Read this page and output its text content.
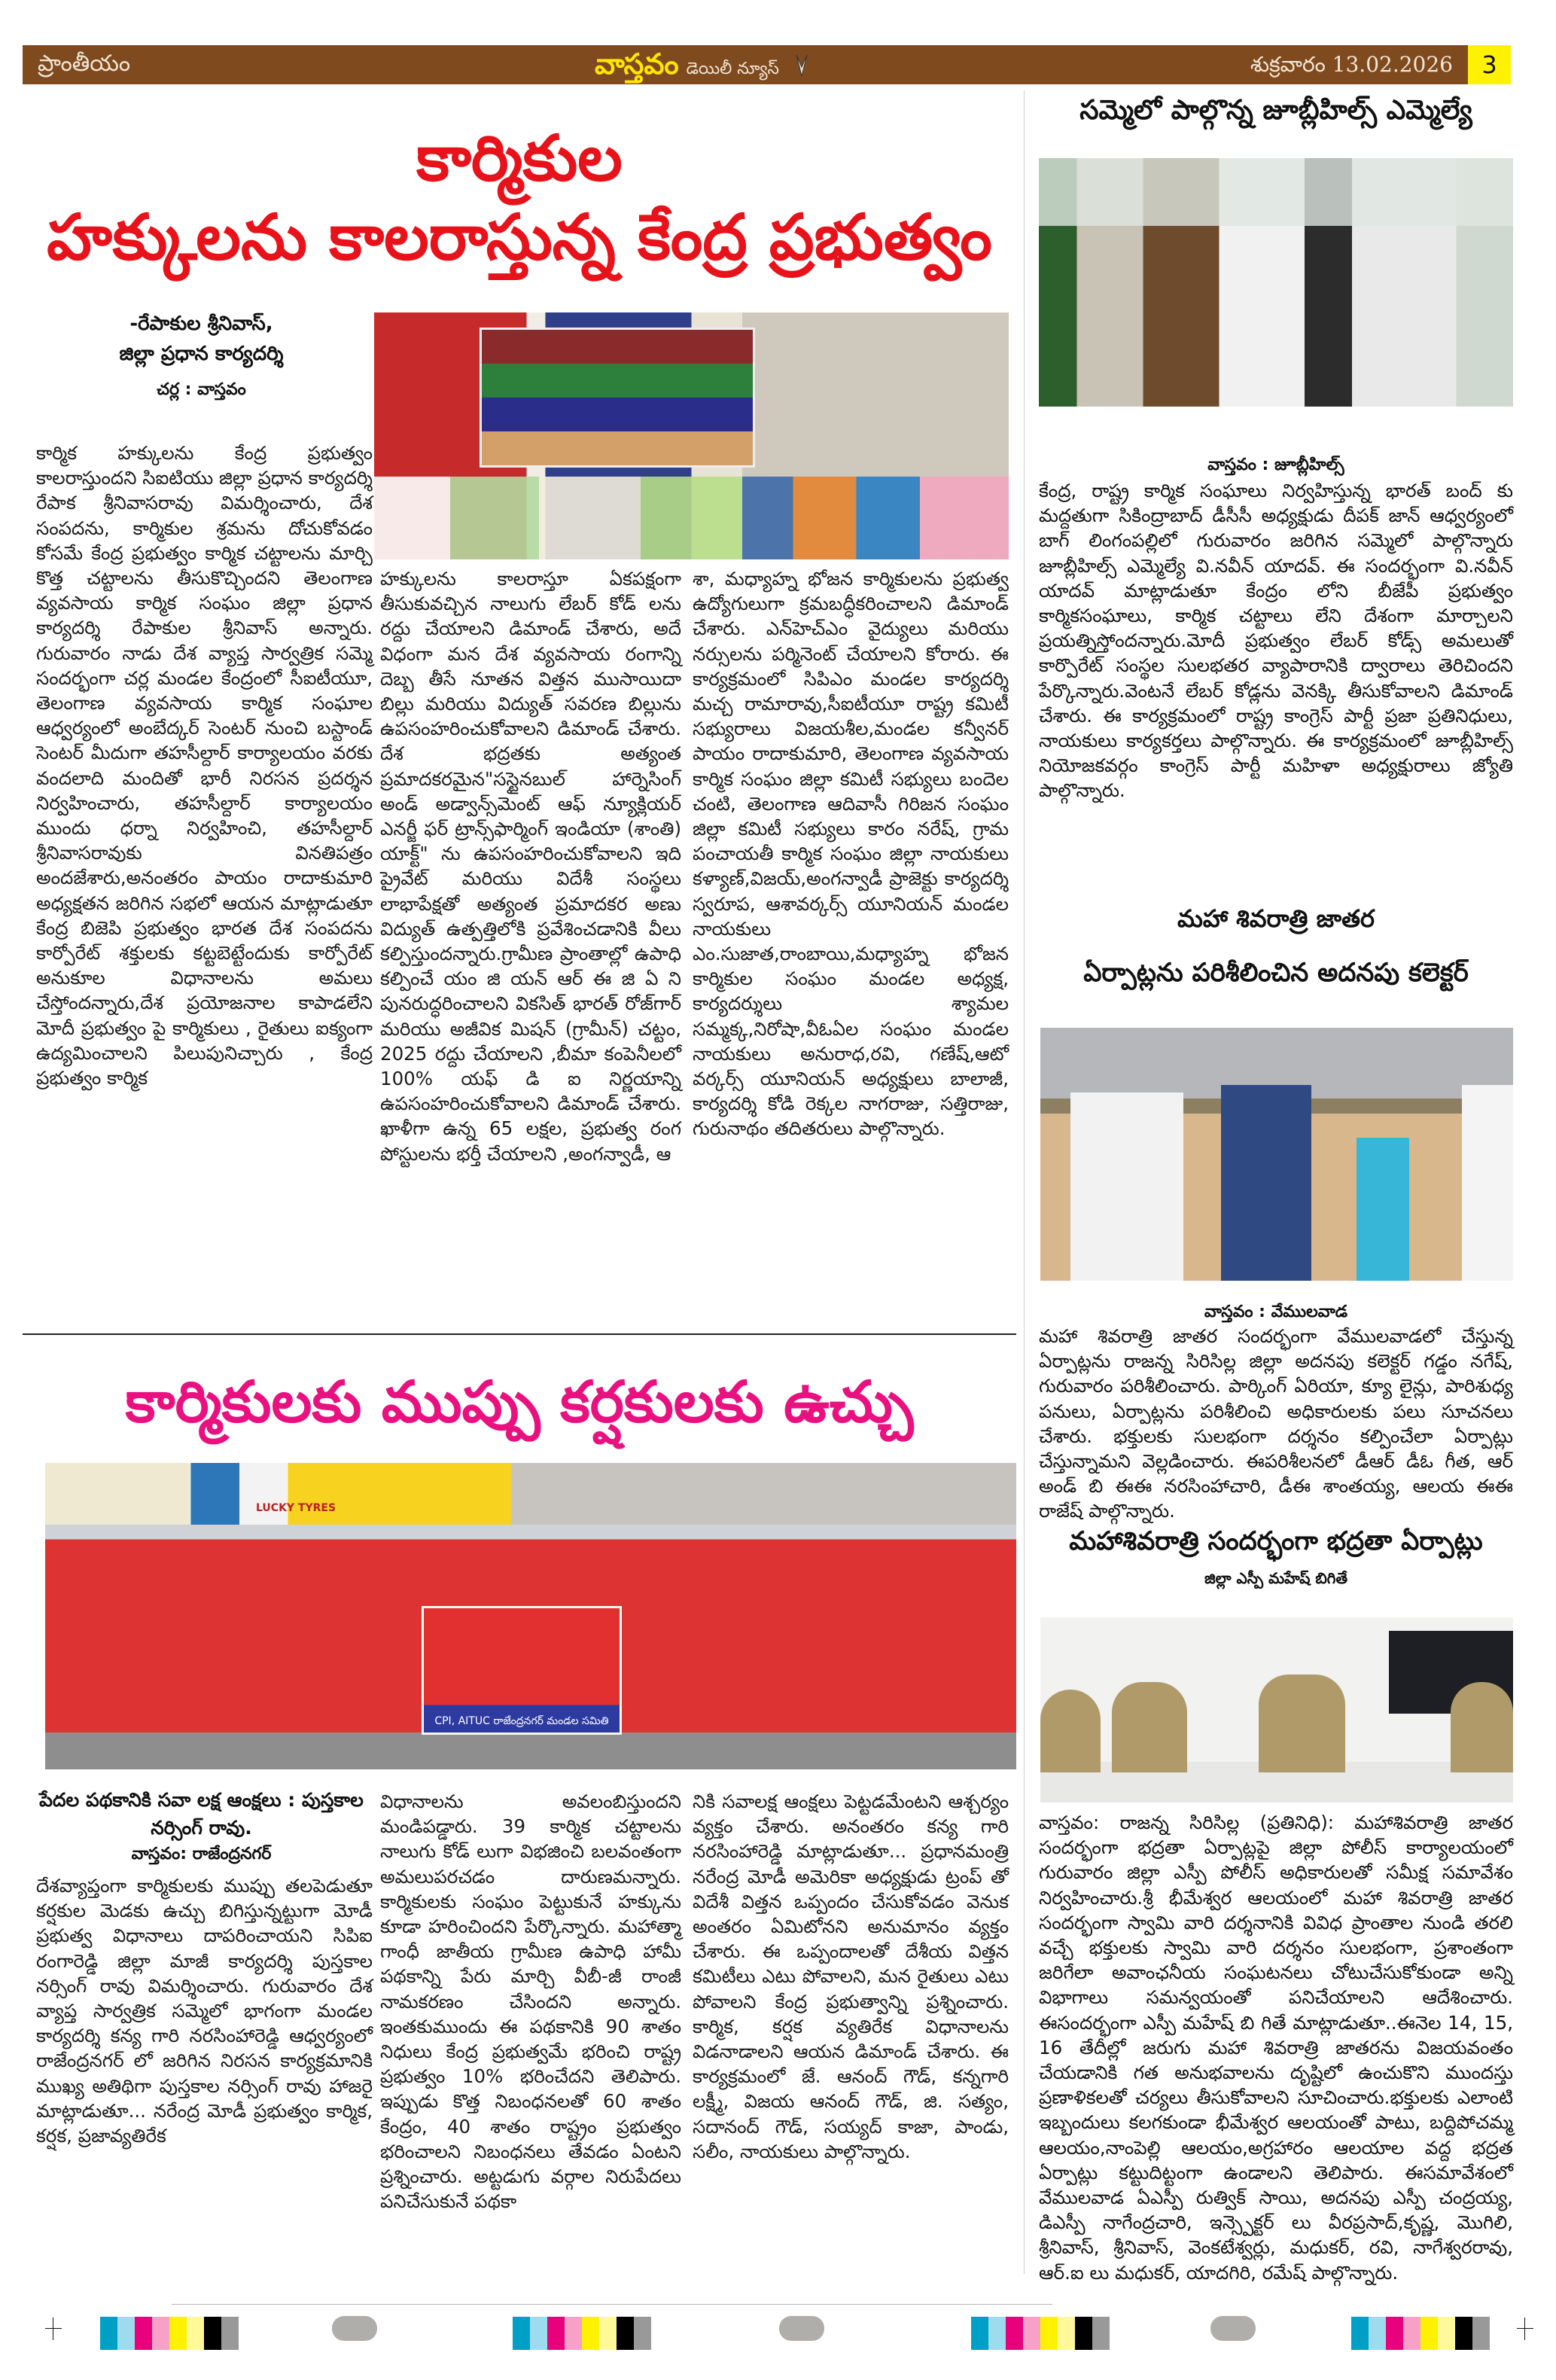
ప్రాంతీయం	వాస్తవం డెయిలీ న్యూస్	శుక్రవారం 13.02.2026	3
కార్మికుల
హక్కులను కాలరాస్తున్న కేంద్ర ప్రభుత్వం
-రేపాకుల శ్రీనివాస్,
జిల్లా ప్రధాన కార్యదర్శి
చర్ల : వాస్తవం

కార్మిక హక్కులను కేంద్ర ప్రభుత్వం కాలరాస్తుందని సిఐటియు జిల్లా ప్రధాన కార్యదర్శి రేపాక శ్రీనివాసరావు విమర్శించారు, దేశ సంపదను, కార్మికుల శ్రమను దోచుకోవడం కోసమే కేంద్ర ప్రభుత్వం కార్మిక చట్టాలను మార్చి కొత్త చట్టాలను తీసుకొచ్చిందని తెలంగాణ వ్యవసాయ కార్మిక సంఘం జిల్లా ప్రధాన కార్యదర్శి రేపాకుల శ్రీనివాస్ అన్నారు. గురువారం నాడు దేశ వ్యాప్త సార్వత్రిక సమ్మె సందర్భంగా చర్ల మండల కేంద్రంలో సీఐటీయూ, తెలంగాణ వ్యవసాయ కార్మిక సంఘాల ఆధ్వర్యంలో అంబేద్కర్ సెంటర్ నుంచి బస్టాండ్ సెంటర్ మీదుగా తహసీల్దార్ కార్యాలయం వరకు వందలాది మందితో భారీ నిరసన ప్రదర్శన నిర్వహించారు, తహసీల్దార్ కార్యాలయం ముందు ధర్నా నిర్వహించి, తహసీల్దార్ శ్రీనివాసరావుకు వినతిపత్రం అందజేశారు,అనంతరం పాయం రాదాకుమారి అధ్యక్షతన జరిగిన సభలో ఆయన మాట్లాడుతూ కేంద్ర బిజెపి ప్రభుత్వం భారత దేశ సంపదను కార్పోరేట్ శక్తులకు కట్టబెట్టేందుకు కార్పోరేట్ అనుకూల విధానాలను అమలు చేస్తోందన్నారు,దేశ ప్రయోజనాల కాపాడలేని మోదీ ప్రభుత్వం పై కార్మికులు , రైతులు ఐక్యంగా ఉద్యమించాలని పిలుపునిచ్చారు , కేంద్ర ప్రభుత్వం కార్మిక

హక్కులను కాలరాస్తూ ఏకపక్షంగా తీసుకువచ్చిన నాలుగు లేబర్ కోడ్ లను రద్దు చేయాలని డిమాండ్ చేశారు, అదే విధంగా మన దేశ వ్యవసాయ రంగాన్ని దెబ్బ తీసే నూతన విత్తన ముసాయిదా బిల్లు మరియు విద్యుత్ సవరణ బిల్లును ఉపసంహరించుకోవాలని డిమాండ్ చేశారు. దేశ భద్రతకు అత్యంత ప్రమాదకరమైన"సస్టైనబుల్ హార్నెసింగ్ అండ్ అడ్వాన్స్‌మెంట్ ఆఫ్ న్యూక్లియర్ ఎనర్జీ ఫర్ ట్రాన్స్‌ఫార్మింగ్ ఇండియా (శాంతి) యాక్ట్" ను ఉపసంహరించుకోవాలని ఇది ప్రైవేట్ మరియు విదేశీ సంస్థలు లాభాపేక్షతో అత్యంత ప్రమాదకర అణు విద్యుత్ ఉత్పత్తిలోకి ప్రవేశించడానికి వీలు కల్పిస్తుందన్నారు.గ్రామీణ ప్రాంతాల్లో ఉపాధి కల్పించే యం జి యన్ ఆర్ ఈ జి ఏ ని పునరుద్ధరించాలని వికసిత్ భారత్ రోజ్‌గార్ మరియు అజీవిక మిషన్ (గ్రామీన్) చట్టం, 2025 రద్దు చేయాలని ,బీమా కంపెనీలలో 100% యఫ్ డి ఐ నిర్ణయాన్ని ఉపసంహరించుకోవాలని డిమాండ్ చేశారు. ఖాళీగా ఉన్న 65 లక్షల, ప్రభుత్వ రంగ పోస్టులను భర్తీ చేయాలని ,అంగన్వాడీ, ఆ

శా, మధ్యాహ్న భోజన కార్మికులను ప్రభుత్వ ఉద్యోగులుగా క్రమబద్ధీకరించాలని డిమాండ్ చేశారు. ఎన్‌హెచ్‌ఎం వైద్యులు మరియు నర్సులను పర్మినెంట్ చేయాలని కోరారు. ఈ కార్యక్రమంలో సిపిఎం మండల కార్యదర్శి మచ్చ రామారావు,సీఐటీయూ రాష్ట్ర కమిటీ సభ్యురాలు విజయశీల,మండల కన్వీనర్ పాయం రాదాకుమారి, తెలంగాణ వ్యవసాయ కార్మిక సంఘం జిల్లా కమిటీ సభ్యులు బందెల చంటి, తెలంగాణ ఆదివాసీ గిరిజన సంఘం జిల్లా కమిటీ సభ్యులు కారం నరేష్, గ్రామ పంచాయతీ కార్మిక సంఘం జిల్లా నాయకులు కళ్యాణ్,విజయ్,అంగన్వాడీ ప్రాజెక్టు కార్యదర్శి స్వరూప, ఆశావర్కర్స్ యూనియన్ మండల నాయకులు ఎం.సుజాత,రాంబాయి,మధ్యాహ్న భోజన కార్మికుల సంఘం మండల అధ్యక్ష, కార్యదర్శులు శ్యామల సమ్మక్క,నిరోషా,వీఓఏల సంఘం మండల నాయకులు అనురాధ,రవి, గణేష్,ఆటో వర్కర్స్ యూనియన్ అధ్యక్షులు బాలాజీ, కార్యదర్శి కోడి రెక్కల నాగరాజు, సత్తిరాజు, గురునాథం తదితరులు పాల్గొన్నారు.

సమ్మెలో పాల్గొన్న జూబ్లీహిల్స్ ఎమ్మెల్యే
వాస్తవం : జూబ్లీహిల్స్
కేంద్ర, రాష్ట్ర కార్మిక సంఘాలు నిర్వహిస్తున్న భారత్ బంద్ కు మద్దతుగా సికింద్రాబాద్ డీసీసీ అధ్యక్షుడు దీపక్ జాన్ ఆధ్వర్యంలో బాగ్ లింగంపల్లిలో గురువారం జరిగిన సమ్మెలో పాల్గొన్నారు జూబ్లీహిల్స్ ఎమ్మెల్యే వి.నవీన్ యాదవ్. ఈ సందర్భంగా వి.నవీన్ యాదవ్ మాట్లాడుతూ కేంద్రం లోని బీజేపీ ప్రభుత్వం కార్మికసంఘాలు, కార్మిక చట్టాలు లేని దేశంగా మార్చాలని ప్రయత్నిస్తోందన్నారు.మోదీ ప్రభుత్వం లేబర్ కోడ్స్ అమలుతో కార్పొరేట్ సంస్థల సులభతర వ్యాపారానికి ద్వారాలు తెరిచిందని పేర్కొన్నారు.వెంటనే లేబర్ కోడ్లను వెనక్కి తీసుకోవాలని డిమాండ్ చేశారు. ఈ కార్యక్రమంలో రాష్ట్ర కాంగ్రెస్ పార్టీ ప్రజా ప్రతినిధులు, నాయకులు కార్యకర్తలు పాల్గొన్నారు. ఈ కార్యక్రమంలో జూబ్లీహిల్స్ నియోజకవర్గం కాంగ్రెస్ పార్టీ మహిళా అధ్యక్షురాలు జ్యోతి పాల్గొన్నారు.
మహా శివరాత్రి జాతర
ఏర్పాట్లను పరిశీలించిన అదనపు కలెక్టర్
వాస్తవం : వేములవాడ
మహా శివరాత్రి జాతర సందర్భంగా వేములవాడలో చేస్తున్న ఏర్పాట్లను రాజన్న సిరిసిల్ల జిల్లా అదనపు కలెక్టర్ గడ్డం నగేష్, గురువారం పరిశీలించారు. పార్కింగ్ ఏరియా, క్యూ లైన్లు, పారిశుధ్య పనులు, ఏర్పాట్లను పరిశీలించి అధికారులకు పలు సూచనలు చేశారు. భక్తులకు సులభంగా దర్శనం కల్పించేలా ఏర్పాట్లు చేస్తున్నామని వెల్లడించారు. ఈపరిశీలనలో డీఆర్ డీఓ గీత, ఆర్ అండ్ బి ఈఈ నరసింహాచారి, డీఈ శాంతయ్య, ఆలయ ఈఈ రాజేష్ పాల్గొన్నారు.
మహాశివరాత్రి సందర్భంగా భద్రతా ఏర్పాట్లు
జిల్లా ఎస్పీ మహేష్ బిగితే
వాస్తవం: రాజన్న సిరిసిల్ల (ప్రతినిధి): మహాశివరాత్రి జాతర సందర్భంగా భద్రతా ఏర్పాట్లపై జిల్లా పోలీస్ కార్యాలయంలో గురువారం జిల్లా ఎస్పీ పోలీస్ అధికారులతో సమీక్ష సమావేశం నిర్వహించారు.శ్రీ భీమేశ్వర ఆలయంలో మహా శివరాత్రి జాతర సందర్భంగా స్వామి వారి దర్శనానికి వివిధ ప్రాంతాల నుండి తరలి వచ్చే భక్తులకు స్వామి వారి దర్శనం సులభంగా, ప్రశాంతంగా జరిగేలా అవాంఛనీయ సంఘటనలు చోటుచేసుకోకుండా అన్ని విభాగాలు సమన్వయంతో పనిచేయాలని ఆదేశించారు. ఈసందర్భంగా ఎస్పీ మహేష్ బి గితే మాట్లాడుతూ..ఈనెల 14, 15, 16 తేదీల్లో జరుగు మహా శివరాత్రి జాతరను విజయవంతం చేయడానికి గత అనుభవాలను దృష్టిలో ఉంచుకొని ముందస్తు ప్రణాళికలతో చర్యలు తీసుకోవాలని సూచించారు.భక్తులకు ఎలాంటి ఇబ్బందులు కలగకుండా భీమేశ్వర ఆలయంతో పాటు, బద్దిపోచమ్మ ఆలయం,నాంపెల్లి ఆలయం,అగ్రహారం ఆలయాల వద్ద భద్రత ఏర్పాట్లు కట్టుదిట్టంగా ఉండాలని తెలిపారు. ఈసమావేశంలో వేములవాడ ఏఎస్పీ రుత్విక్ సాయి, అదనపు ఎస్పీ చంద్రయ్య, డిఎస్పీ నాగేంద్రచారి, ఇన్స్పెక్టర్ లు వీరప్రసాద్,కృష్ణ, మొగిలి, శ్రీనివాస్, శ్రీనివాస్, వెంకటేశ్వర్లు, మధుకర్, రవి, నాగేశ్వరరావు, ఆర్.ఐ లు మధుకర్, యాదగిరి, రమేష్ పాల్గొన్నారు.
కార్మికులకు ముప్పు కర్షకులకు ఉచ్చు
LUCKY TYRES
CPI, AITUC రాజేంద్రనగర్ మండల సమితి
పేదల పథకానికి సవా లక్ష ఆంక్షలు : పుస్తకాల నర్సింగ్ రావు.
వాస్తవం: రాజేంద్రనగర్

దేశవ్యాప్తంగా కార్మికులకు ముప్పు తలపెడుతూ కర్షకుల మెడకు ఉచ్చు బిగిస్తున్నట్టుగా మోడీ ప్రభుత్వ విధానాలు దాపరించాయని సిపిఐ రంగారెడ్డి జిల్లా మాజీ కార్యదర్శి పుస్తకాల నర్సింగ్ రావు విమర్శించారు. గురువారం దేశ వ్యాప్త సార్వత్రిక సమ్మెలో భాగంగా మండల కార్యదర్శి కన్య గారి నరసింహారెడ్డి ఆధ్వర్యంలో రాజేంద్రనగర్ లో జరిగిన నిరసన కార్యక్రమానికి ముఖ్య అతిథిగా పుస్తకాల నర్సింగ్ రావు హాజరై మాట్లాడుతూ... నరేంద్ర మోడీ ప్రభుత్వం కార్మిక, కర్షక, ప్రజావ్యతిరేక

విధానాలను అవలంబిస్తుందని మండిపడ్డారు. 39 కార్మిక చట్టాలను నాలుగు కోడ్ లుగా విభజించి బలవంతంగా అమలుపరచడం దారుణమన్నారు. కార్మికులకు సంఘం పెట్టుకునే హక్కును కూడా హరించిందని పేర్కొన్నారు. మహాత్మా గాంధీ జాతీయ గ్రామీణ ఉపాధి హామీ పథకాన్ని పేరు మార్చి వీబీ-జీ రాంజీ నామకరణం చేసిందని అన్నారు. ఇంతకుముందు ఈ పథకానికి 90 శాతం నిధులు కేంద్ర ప్రభుత్వమే భరించి రాష్ట్ర ప్రభుత్వం 10% భరించేదని తెలిపారు. ఇప్పుడు కొత్త నిబంధనలతో 60 శాతం కేంద్రం, 40 శాతం రాష్ట్రం ప్రభుత్వం భరించాలని నిబంధనలు తేవడం ఏంటని ప్రశ్నించారు. అట్టడుగు వర్గాల నిరుపేదలు పనిచేసుకునే పథకా

నికి సవాలక్ష ఆంక్షలు పెట్టడమేంటని ఆశ్చర్యం వ్యక్తం చేశారు. అనంతరం కన్య గారి నరసింహారెడ్డి మాట్లాడుతూ... ప్రధానమంత్రి నరేంద్ర మోడీ అమెరికా అధ్యక్షుడు ట్రంప్ తో విదేశీ విత్తన ఒప్పందం చేసుకోవడం వెనుక అంతరం ఏమిటోనని అనుమానం వ్యక్తం చేశారు. ఈ ఒప్పందాలతో దేశీయ విత్తన కమిటీలు ఎటు పోవాలని, మన రైతులు ఎటు పోవాలని కేంద్ర ప్రభుత్వాన్ని ప్రశ్నించారు. కార్మిక, కర్షక వ్యతిరేక విధానాలను విడనాడాలని ఆయన డిమాండ్ చేశారు. ఈ కార్యక్రమంలో జే. ఆనంద్ గౌడ్, కన్నగారి లక్ష్మీ, విజయ ఆనంద్ గౌడ్, జి. సత్యం, సదానంద్ గౌడ్, సయ్యద్ కాజా, పాండు, సలీం, నాయకులు పాల్గొన్నారు.
